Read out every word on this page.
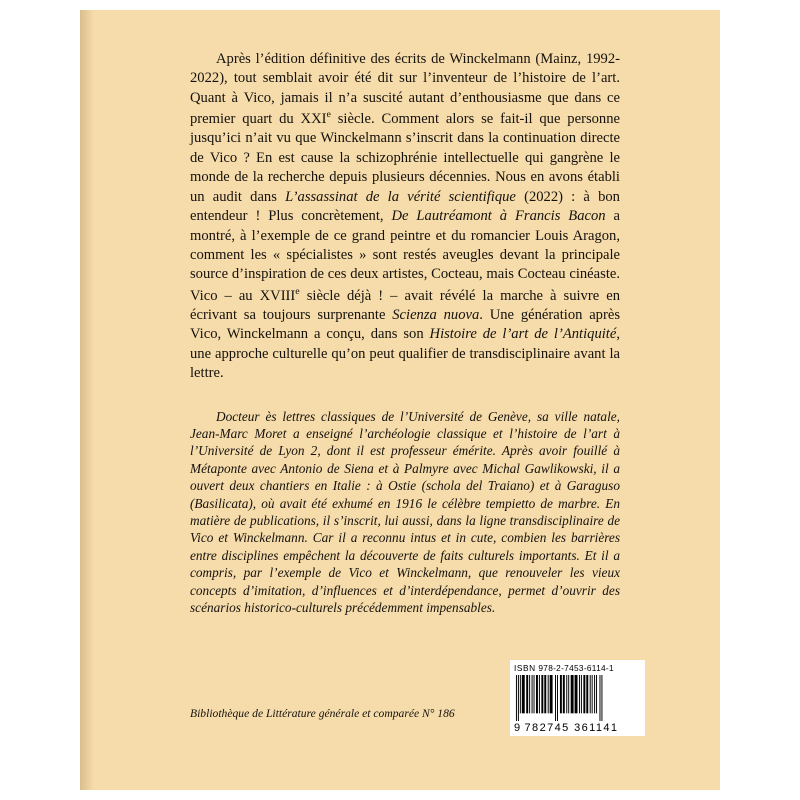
Après l’édition définitive des écrits de Winckelmann (Mainz, 1992-2022), tout semblait avoir été dit sur l’inventeur de l’histoire de l’art. Quant à Vico, jamais il n’a suscité autant d’enthousiasme que dans ce premier quart du XXIe siècle. Comment alors se fait-il que personne jusqu’ici n’ait vu que Winckelmann s’inscrit dans la continuation directe de Vico ? En est cause la schizophrénie intellectuelle qui gangrène le monde de la recherche depuis plusieurs décennies. Nous en avons établi un audit dans L’assassinat de la vérité scientifique (2022) : à bon entendeur ! Plus concrètement, De Lautréamont à Francis Bacon a montré, à l’exemple de ce grand peintre et du romancier Louis Aragon, comment les « spécialistes » sont restés aveugles devant la principale source d’inspiration de ces deux artistes, Cocteau, mais Cocteau cinéaste. Vico – au XVIIIe siècle déjà ! – avait révélé la marche à suivre en écrivant sa toujours surprenante Scienza nuova. Une génération après Vico, Winckelmann a conçu, dans son Histoire de l’art de l’Antiquité, une approche culturelle qu’on peut qualifier de transdisciplinaire avant la lettre.

Docteur ès lettres classiques de l’Université de Genève, sa ville natale, Jean-Marc Moret a enseigné l’archéologie classique et l’histoire de l’art à l’Université de Lyon 2, dont il est professeur émérite. Après avoir fouillé à Métaponte avec Antonio de Siena et à Palmyre avec Michal Gawlikowski, il a ouvert deux chantiers en Italie : à Ostie (schola del Traiano) et à Garaguso (Basilicata), où avait été exhumé en 1916 le célèbre tempietto de marbre. En matière de publications, il s’inscrit, lui aussi, dans la ligne transdisciplinaire de Vico et Winckelmann. Car il a reconnu intus et in cute, combien les barrières entre disciplines empêchent la découverte de faits culturels importants. Et il a compris, par l’exemple de Vico et Winckelmann, que renouveler les vieux concepts d’imitation, d’influences et d’interdépendance, permet d’ouvrir des scénarios historico-culturels précédemment impensables.

Bibliothèque de Littérature générale et comparée N° 186
ISBN 978-2-7453-6114-1
9 782745 361141
